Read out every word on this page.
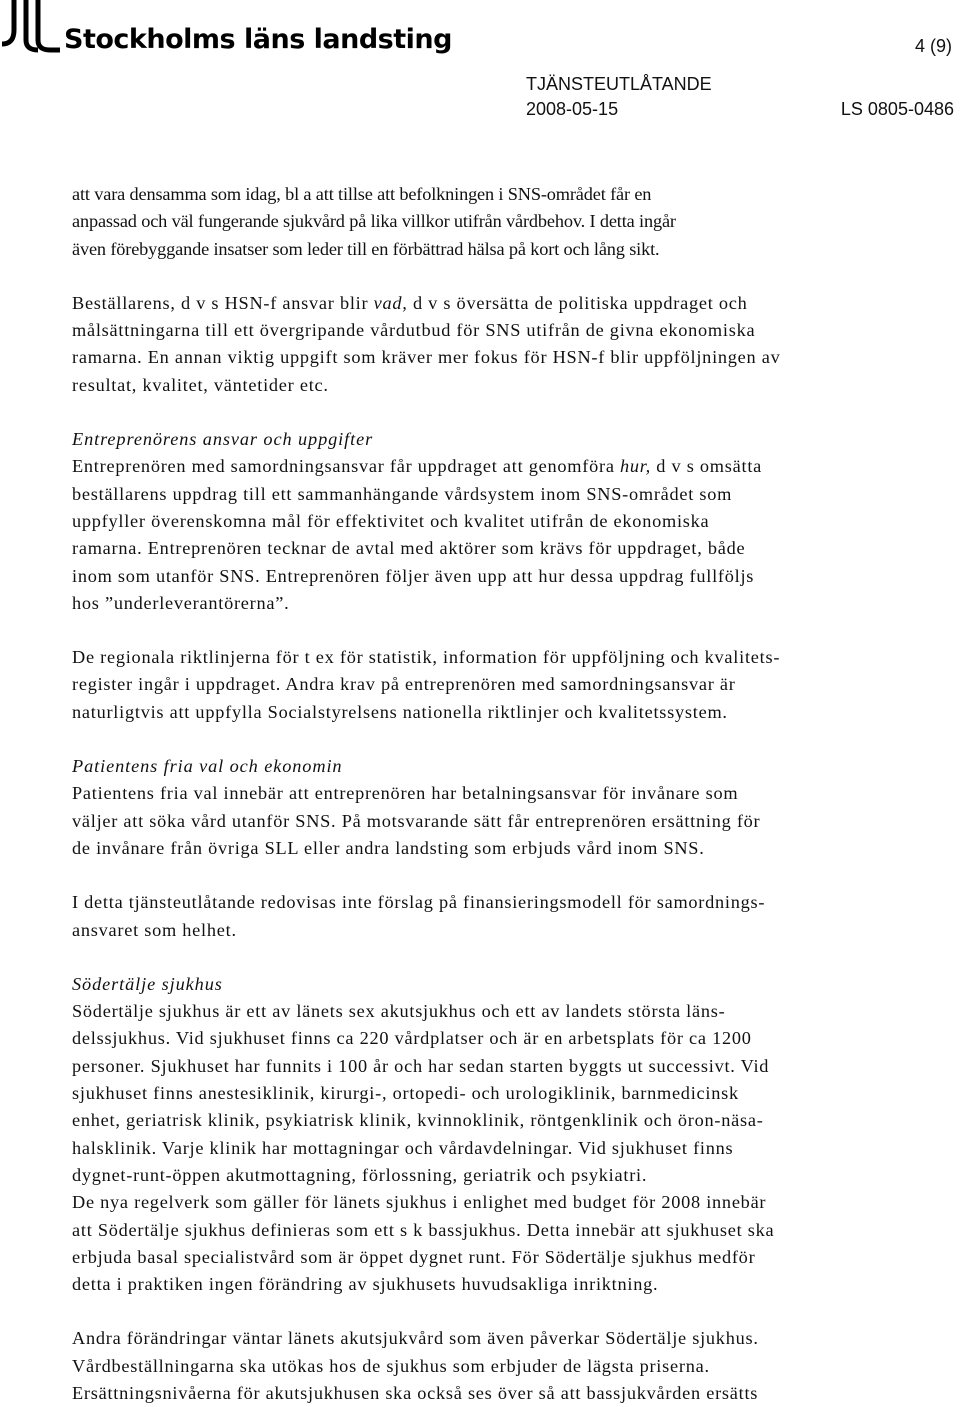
Stockholms läns landsting	4 (9)
TJÄNSTEUTLÅTANDE
2008-05-15	LS 0805-0486

att vara densamma som idag, bl a att tillse att befolkningen i SNS-området får en
anpassad och väl fungerande sjukvård på lika villkor utifrån vårdbehov. I detta ingår
även förebyggande insatser som leder till en förbättrad hälsa på kort och lång sikt.

Beställarens, d v s HSN-f ansvar blir vad, d v s översätta de politiska uppdraget och
målsättningarna till ett övergripande vårdutbud för SNS utifrån de givna ekonomiska
ramarna. En annan viktig uppgift som kräver mer fokus för HSN-f blir uppföljningen av
resultat, kvalitet, väntetider etc.

Entreprenörens ansvar och uppgifter

Entreprenören med samordningsansvar får uppdraget att genomföra hur, d v s omsätta
beställarens uppdrag till ett sammanhängande vårdsystem inom SNS-området som
uppfyller överenskomna mål för effektivitet och kvalitet utifrån de ekonomiska
ramarna. Entreprenören tecknar de avtal med aktörer som krävs för uppdraget, både
inom som utanför SNS. Entreprenören följer även upp att hur dessa uppdrag fullföljs
hos ”underleverantörerna”.

De regionala riktlinjerna för t ex för statistik, information för uppföljning och kvalitets-
register ingår i uppdraget. Andra krav på entreprenören med samordningsansvar är
naturligtvis att uppfylla Socialstyrelsens nationella riktlinjer och kvalitetssystem.

Patientens fria val och ekonomin

Patientens fria val innebär att entreprenören har betalningsansvar för invånare som
väljer att söka vård utanför SNS. På motsvarande sätt får entreprenören ersättning för
de invånare från övriga SLL eller andra landsting som erbjuds vård inom SNS.

I detta tjänsteutlåtande redovisas inte förslag på finansieringsmodell för samordnings-
ansvaret som helhet.

Södertälje sjukhus

Södertälje sjukhus är ett av länets sex akutsjukhus och ett av landets största läns-
delssjukhus. Vid sjukhuset finns ca 220 vårdplatser och är en arbetsplats för ca 1200
personer. Sjukhuset har funnits i 100 år och har sedan starten byggts ut successivt. Vid
sjukhuset finns anestesiklinik, kirurgi-, ortopedi- och urologiklinik, barnmedicinsk
enhet, geriatrisk klinik, psykiatrisk klinik, kvinnoklinik, röntgenklinik och öron-näsa-
halsklinik. Varje klinik har mottagningar och vårdavdelningar. Vid sjukhuset finns
dygnet-runt-öppen akutmottagning, förlossning, geriatrik och psykiatri.
De nya regelverk som gäller för länets sjukhus i enlighet med budget för 2008 innebär
att Södertälje sjukhus definieras som ett s k bassjukhus. Detta innebär att sjukhuset ska
erbjuda basal specialistvård som är öppet dygnet runt. För Södertälje sjukhus medför
detta i praktiken ingen förändring av sjukhusets huvudsakliga inriktning.

Andra förändringar väntar länets akutsjukvård som även påverkar Södertälje sjukhus.
Vårdbeställningarna ska utökas hos de sjukhus som erbjuder de lägsta priserna.
Ersättningsnivåerna för akutsjukhusen ska också ses över så att bassjukvården ersätts
